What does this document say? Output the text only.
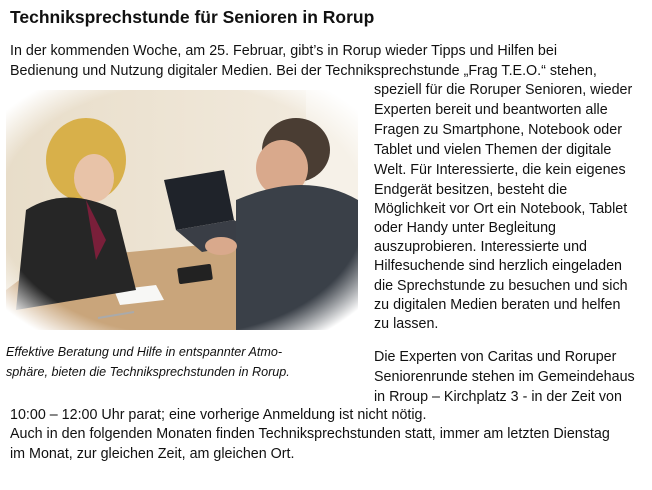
Techniksprechstunde für Senioren in Rorup
In der kommenden Woche, am 25. Februar, gibt’s in Rorup wieder Tipps und Hilfen bei
Bedienung und Nutzung digitaler Medien. Bei der Techniksprechstunde „Frag T.E.O.“ stehen,
speziell für die Roruper Senioren, wieder
Experten bereit und beantworten alle
Fragen zu Smartphone, Notebook oder
Tablet und vielen Themen der digitale
Welt. Für Interessierte, die kein eigenes
Endgerät besitzen, besteht die
Möglichkeit vor Ort ein Notebook, Tablet
oder Handy unter Begleitung
auszuprobieren. Interessierte und
Hilfesuchende sind herzlich eingeladen
die Sprechstunde zu besuchen und sich
zu digitalen Medien beraten und helfen
zu lassen.
Effektive Beratung und Hilfe in entspannter Atmo-
sphäre, bieten die Techniksprechstunden in Rorup.
Die Experten von Caritas und Roruper
Seniorenrunde stehen im Gemeindehaus
in Rroup – Kirchplatz 3 - in der Zeit von
10:00 – 12:00 Uhr parat; eine vorherige Anmeldung ist nicht nötig.
Auch in den folgenden Monaten finden Techniksprechstunden statt, immer am letzten Dienstag
im Monat, zur gleichen Zeit, am gleichen Ort.
